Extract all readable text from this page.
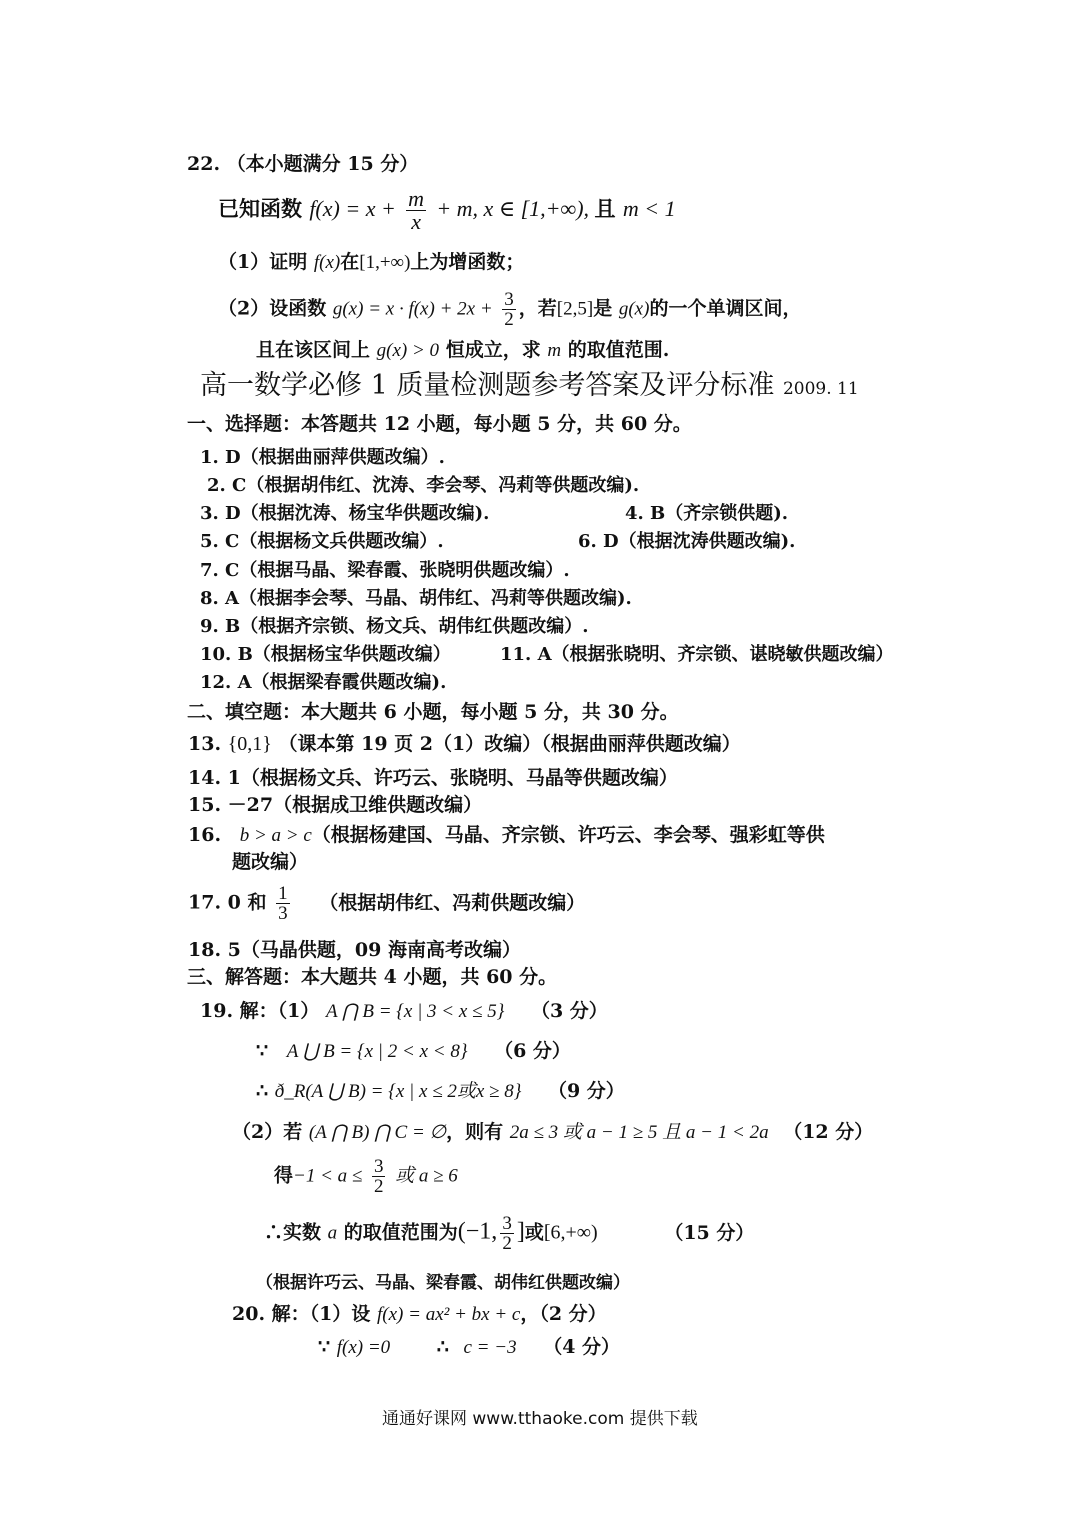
22. （本小题满分 15 分）
已知函数 $f(x) = x + \frac{m}{x} + m$, x ∈ [1,+∞), 且 m < 1
（1）证明 f(x)在[1,+∞)上为增函数；
（2）设函数 $g(x) = x \cdot f(x) + 2x + \frac{3}{2}$ ，若[2,5]是 g(x)的一个单调区间，
且在该区间上 g(x) > 0 恒成立，求 m 的取值范围.
高一数学必修 1 质量检测题参考答案及评分标准 2009. 11
一、选择题：本答题共 12 小题，每小题 5 分，共 60 分。
1. D（根据曲丽萍供题改编）.
2. C（根据胡伟红、沈涛、李会琴、冯莉等供题改编).
3. D（根据沈涛、杨宝华供题改编).	4. B（齐宗锁供题).
5. C（根据杨文兵供题改编）.	6. D（根据沈涛供题改编).
7. C（根据马晶、梁春霞、张晓明供题改编）.
8. A（根据李会琴、马晶、胡伟红、冯莉等供题改编).
9. B（根据齐宗锁、杨文兵、胡伟红供题改编）.
10. B（根据杨宝华供题改编）	11. A（根据张晓明、齐宗锁、谌晓敏供题改编）
12. A（根据梁春霞供题改编).
二、填空题：本大题共 6 小题，每小题 5 分，共 30 分。
13. {0,1} （课本第 19 页 2（1）改编）（根据曲丽萍供题改编）
14. 1（根据杨文兵、许巧云、张晓明、马晶等供题改编）
15. －27（根据成卫维供题改编）
16. b > a > c（根据杨建国、马晶、齐宗锁、许巧云、李会琴、强彩虹等供
题改编）
17. 0 和 $\frac{1}{3}$ （根据胡伟红、冯莉供题改编）
18. 5（马晶供题，09 海南高考改编）
三、解答题：本大题共 4 小题，共 60 分。
19. 解：（1） A ⋂ B = {x | 3 < x ≤ 5} （3 分）
∵ A ⋃ B = {x | 2 < x < 8} （6 分）
∴ ð_R(A ⋃ B) = {x | x ≤ 2或x ≥ 8} （9 分）
（2）若 (A ⋂ B) ⋂ C = ∅，则有 2a ≤ 3 或 a − 1 ≥ 5 且 a − 1 < 2a （12 分）
得$-1 < a \le \frac{3}{2}$ 或 a ≥ 6
∴实数 a 的取值范围为(−1, $\frac{3}{2}$ ]或[6,+∞)	（15 分）
（根据许巧云、马晶、梁春霞、胡伟红供题改编）
20. 解：（1）设 f(x) = ax² + bx + c，（2 分）
∵ f(x) =0 ∴ c = −3 （4 分）
通通好课网 www.tthaoke.com 提供下载
